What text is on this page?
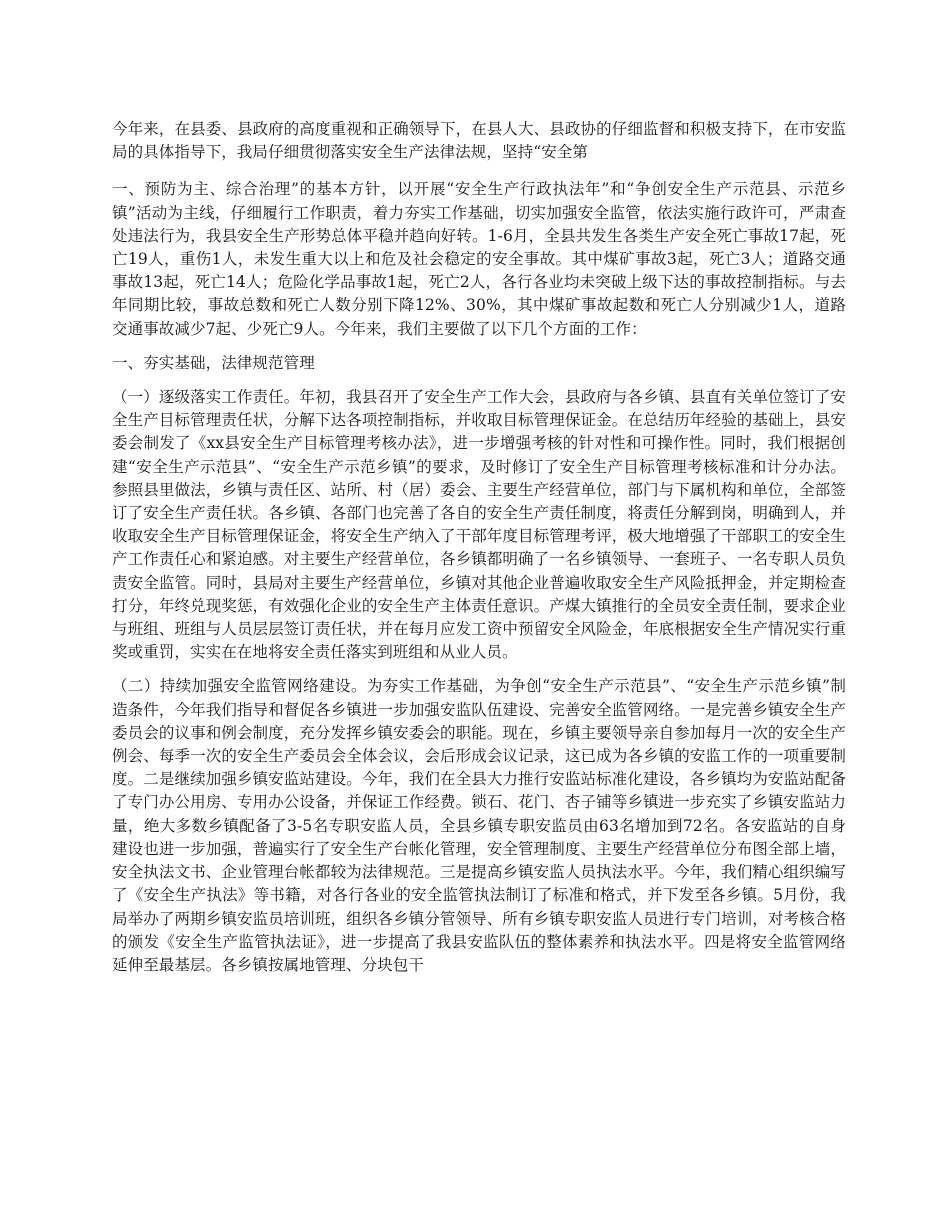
今年来，在县委、县政府的高度重视和正确领导下，在县人大、县政协的仔细监督和积极支持下，在市安监局的具体指导下，我局仔细贯彻落实安全生产法律法规，坚持“安全第

一、预防为主、综合治理”的基本方针，以开展“安全生产行政执法年”和“争创安全生产示范县、示范乡镇”活动为主线，仔细履行工作职责，着力夯实工作基础，切实加强安全监管，依法实施行政许可，严肃查处违法行为，我县安全生产形势总体平稳并趋向好转。1-6月，全县共发生各类生产安全死亡事故17起，死亡19人，重伤1人，未发生重大以上和危及社会稳定的安全事故。其中煤矿事故3起，死亡3人；道路交通事故13起，死亡14人；危险化学品事故1起，死亡2人，各行各业均未突破上级下达的事故控制指标。与去年同期比较，事故总数和死亡人数分别下降12%、30%，其中煤矿事故起数和死亡人分别减少1人，道路交通事故减少7起、少死亡9人。今年来，我们主要做了以下几个方面的工作：

一、夯实基础，法律规范管理

（一）逐级落实工作责任。年初，我县召开了安全生产工作大会，县政府与各乡镇、县直有关单位签订了安全生产目标管理责任状，分解下达各项控制指标，并收取目标管理保证金。在总结历年经验的基础上，县安委会制发了《xx县安全生产目标管理考核办法》，进一步增强考核的针对性和可操作性。同时，我们根据创建“安全生产示范县”、“安全生产示范乡镇”的要求，及时修订了安全生产目标管理考核标准和计分办法。参照县里做法，乡镇与责任区、站所、村（居）委会、主要生产经营单位，部门与下属机构和单位，全部签订了安全生产责任状。各乡镇、各部门也完善了各自的安全生产责任制度，将责任分解到岗，明确到人，并收取安全生产目标管理保证金，将安全生产纳入了干部年度目标管理考评，极大地增强了干部职工的安全生产工作责任心和紧迫感。对主要生产经营单位，各乡镇都明确了一名乡镇领导、一套班子、一名专职人员负责安全监管。同时，县局对主要生产经营单位，乡镇对其他企业普遍收取安全生产风险抵押金，并定期检查打分，年终兑现奖惩，有效强化企业的安全生产主体责任意识。产煤大镇推行的全员安全责任制，要求企业与班组、班组与人员层层签订责任状，并在每月应发工资中预留安全风险金，年底根据安全生产情况实行重奖或重罚，实实在在地将安全责任落实到班组和从业人员。

（二）持续加强安全监管网络建设。为夯实工作基础，为争创“安全生产示范县”、“安全生产示范乡镇”制造条件，今年我们指导和督促各乡镇进一步加强安监队伍建设、完善安全监管网络。一是完善乡镇安全生产委员会的议事和例会制度，充分发挥乡镇安委会的职能。现在，乡镇主要领导亲自参加每月一次的安全生产例会、每季一次的安全生产委员会全体会议，会后形成会议记录，这已成为各乡镇的安监工作的一项重要制度。二是继续加强乡镇安监站建设。今年，我们在全县大力推行安监站标准化建设，各乡镇均为安监站配备了专门办公用房、专用办公设备，并保证工作经费。锁石、花门、杏子铺等乡镇进一步充实了乡镇安监站力量，绝大多数乡镇配备了3-5名专职安监人员，全县乡镇专职安监员由63名增加到72名。各安监站的自身建设也进一步加强，普遍实行了安全生产台帐化管理，安全管理制度、主要生产经营单位分布图全部上墙，安全执法文书、企业管理台帐都较为法律规范。三是提高乡镇安监人员执法水平。今年，我们精心组织编写了《安全生产执法》等书籍，对各行各业的安全监管执法制订了标准和格式，并下发至各乡镇。5月份，我局举办了两期乡镇安监员培训班，组织各乡镇分管领导、所有乡镇专职安监人员进行专门培训，对考核合格的颁发《安全生产监管执法证》，进一步提高了我县安监队伍的整体素养和执法水平。四是将安全监管网络延伸至最基层。各乡镇按属地管理、分块包干
